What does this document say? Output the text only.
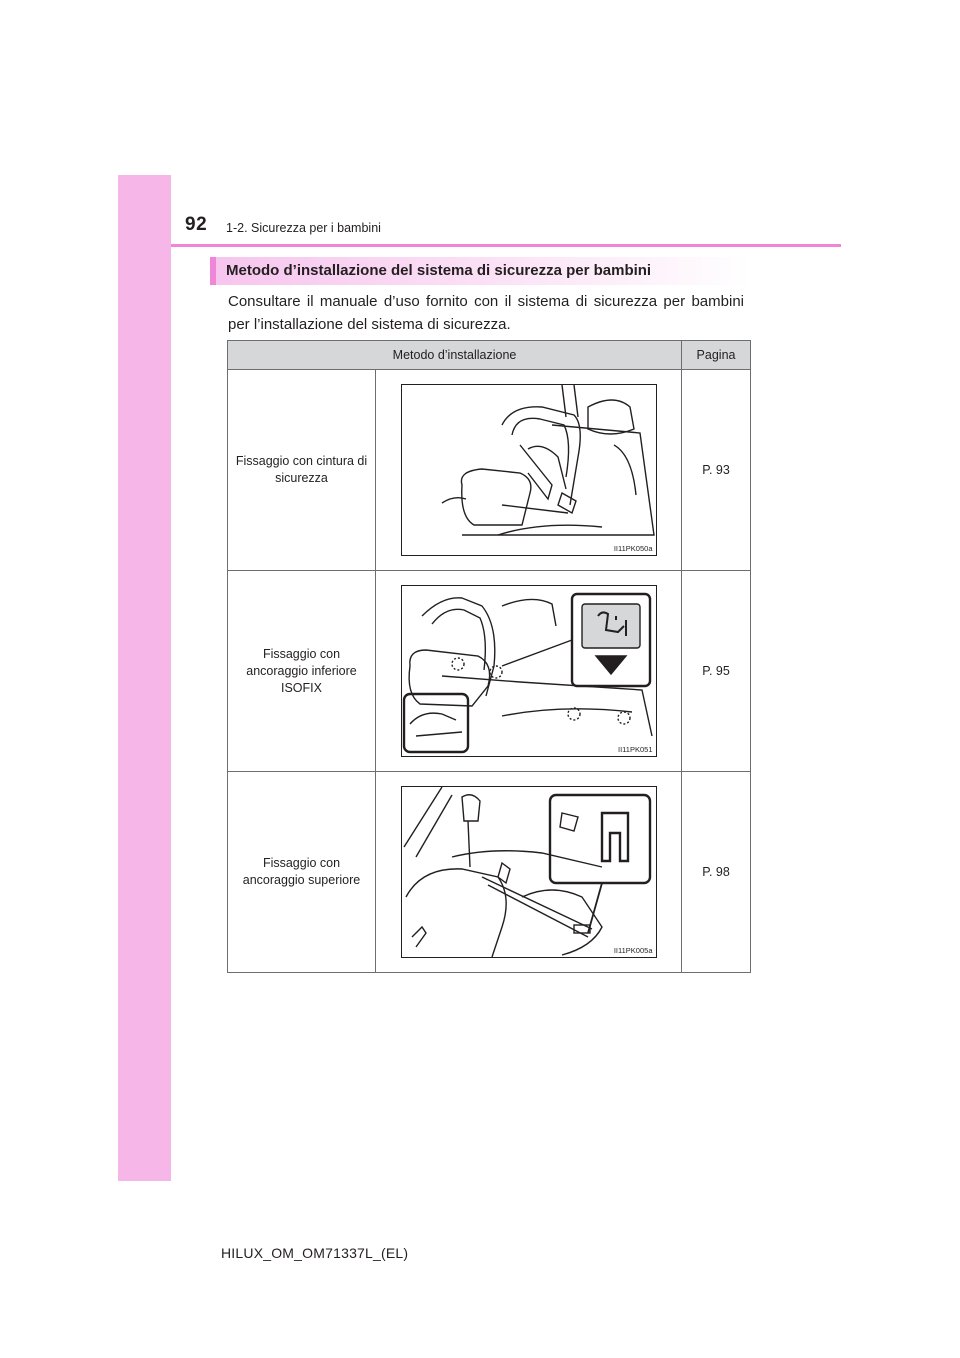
92 1-2. Sicurezza per i bambini
Metodo d’installazione del sistema di sicurezza per bambini

Consultare il manuale d’uso fornito con il sistema di sicurezza per bambini per l’installazione del sistema di sicurezza.

Metodo d’installazione		Pagina
Fissaggio con cintura di sicurezza	II11PK050a	P. 93
Fissaggio con ancoraggio inferiore ISOFIX	II11PK051	P. 95
Fissaggio con ancoraggio superiore	II11PK005a	P. 98
HILUX_OM_OM71337L_(EL)
